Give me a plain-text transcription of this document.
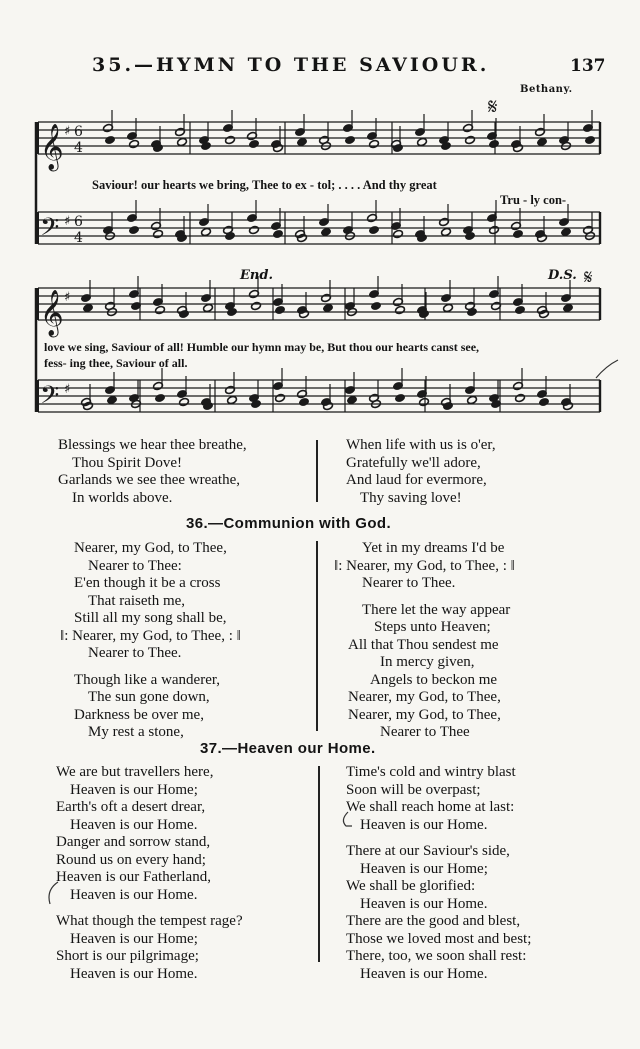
35.—HYMN TO THE SAVIOUR.	137
Bethany.
𝄞 ♯ 6
4
𝄢 ♯ 6
4
𝄞 ♯
𝄢 ♯
𝄋
𝄋
End.	D.S.
Saviour! our hearts we bring, Thee to ex - tol; . . . . And thy great
Tru - ly con-
love we sing, Saviour of all! Humble our hymn may be, But thou our hearts canst see,
fess- ing thee, Saviour of all.
Blessings we hear thee breathe,
Thou Spirit Dove!
Garlands we see thee wreathe,
In worlds above.
When life with us is o'er,
Gratefully we'll adore,
And laud for evermore,
Thy saving love!
36.—Communion with God.
Nearer, my God, to Thee,
Nearer to Thee:
E'en though it be a cross
That raiseth me,
Still all my song shall be,
‖: Nearer, my God, to Thee, : ‖
Nearer to Thee.
Though like a wanderer,
The sun gone down,
Darkness be over me,
My rest a stone,
Yet in my dreams I'd be
‖: Nearer, my God, to Thee, : ‖
Nearer to Thee.
There let the way appear
Steps unto Heaven;
All that Thou sendest me
In mercy given,
Angels to beckon me
Nearer, my God, to Thee,
Nearer, my God, to Thee,
Nearer to Thee
37.—Heaven our Home.
We are but travellers here,
Heaven is our Home;
Earth's oft a desert drear,
Heaven is our Home.
Danger and sorrow stand,
Round us on every hand;
Heaven is our Fatherland,
Heaven is our Home.
What though the tempest rage?
Heaven is our Home;
Short is our pilgrimage;
Heaven is our Home.
Time's cold and wintry blast
Soon will be overpast;
We shall reach home at last:
Heaven is our Home.
There at our Saviour's side,
Heaven is our Home;
We shall be glorified:
Heaven is our Home.
There are the good and blest,
Those we loved most and best;
There, too, we soon shall rest:
Heaven is our Home.
